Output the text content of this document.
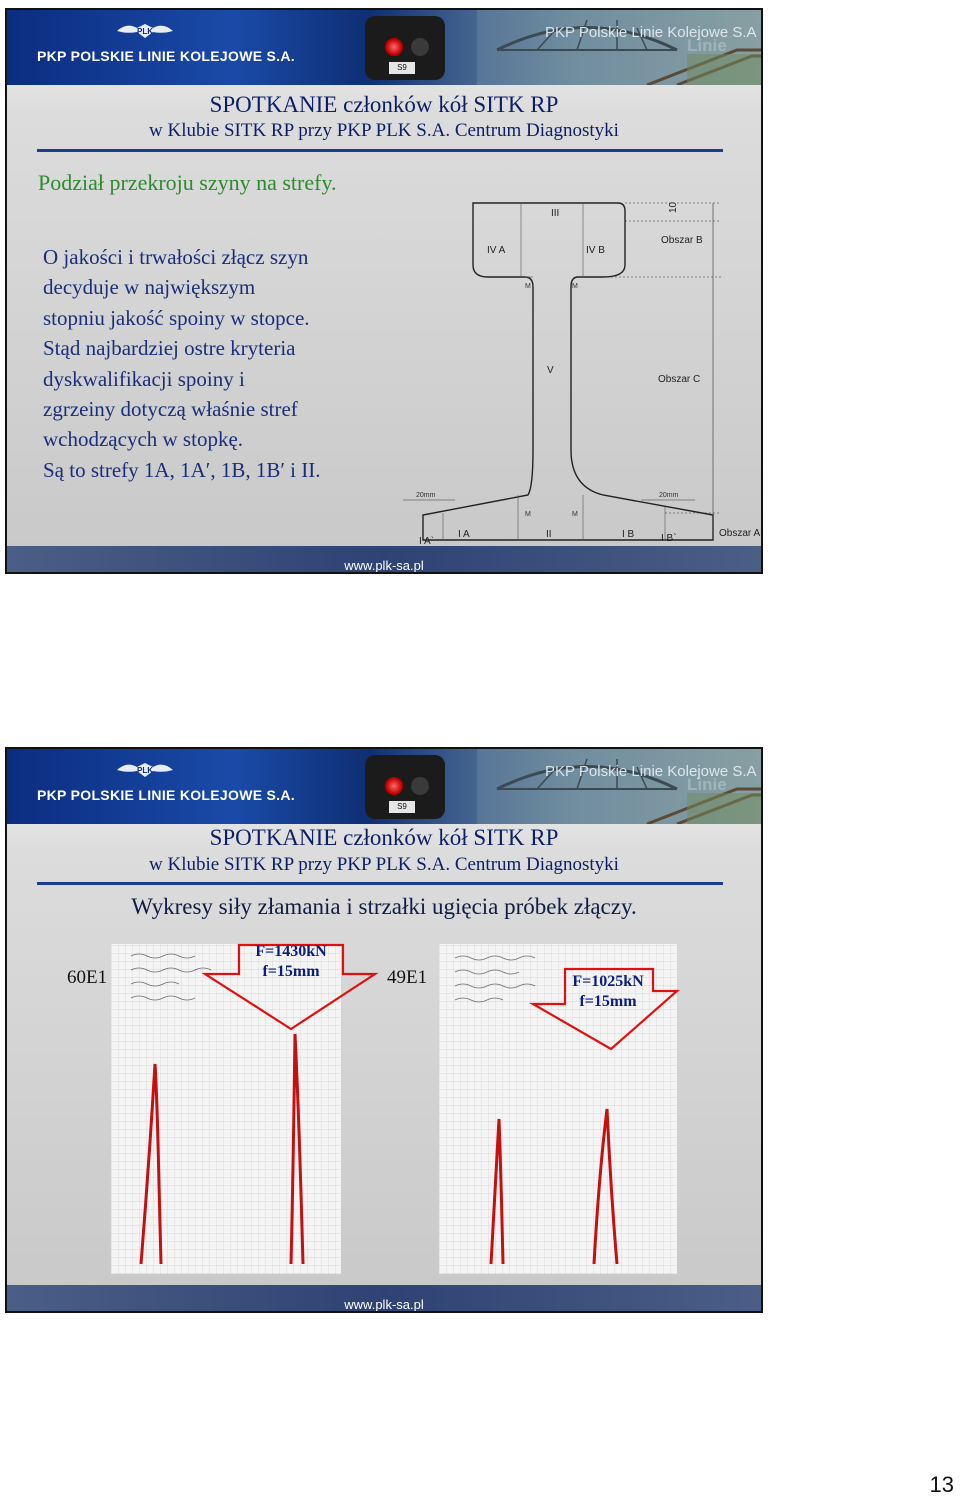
PLK
PKP POLSKIE LINIE KOLEJOWE S.A.
S9
PKP Polskie Linie Kolejowe S.A
Linie
SPOTKANIE członków kół SITK RP
w Klubie SITK RP przy PKP PLK S.A. Centrum Diagnostyki
Podział przekroju szyny na strefy.
O jakości i trwałości złącz szyn
decyduje w największym
stopniu jakość spoiny w stopce.
Stąd najbardziej ostre kryteria
dyskwalifikacji spoiny i
zgrzeiny dotyczą właśnie stref
wchodzących w stopkę.
Są to strefy 1A, 1A′, 1B, 1B′ i II.
III
10
IV A	IV B
Obszar B
M	M
V
Obszar C
20mm	20mm
M	M
I A`
I A	II	I B	I B`	Obszar A
www.plk-sa.pl
PLK
PKP POLSKIE LINIE KOLEJOWE S.A.
S9
PKP Polskie Linie Kolejowe S.A
Linie
SPOTKANIE członków kół SITK RP
w Klubie SITK RP przy PKP PLK S.A. Centrum Diagnostyki
Wykresy siły złamania i strzałki ugięcia próbek złączy.
60E1
F=1430kN
f=15mm	49E1	F=1025kN
f=15mm
www.plk-sa.pl
13
